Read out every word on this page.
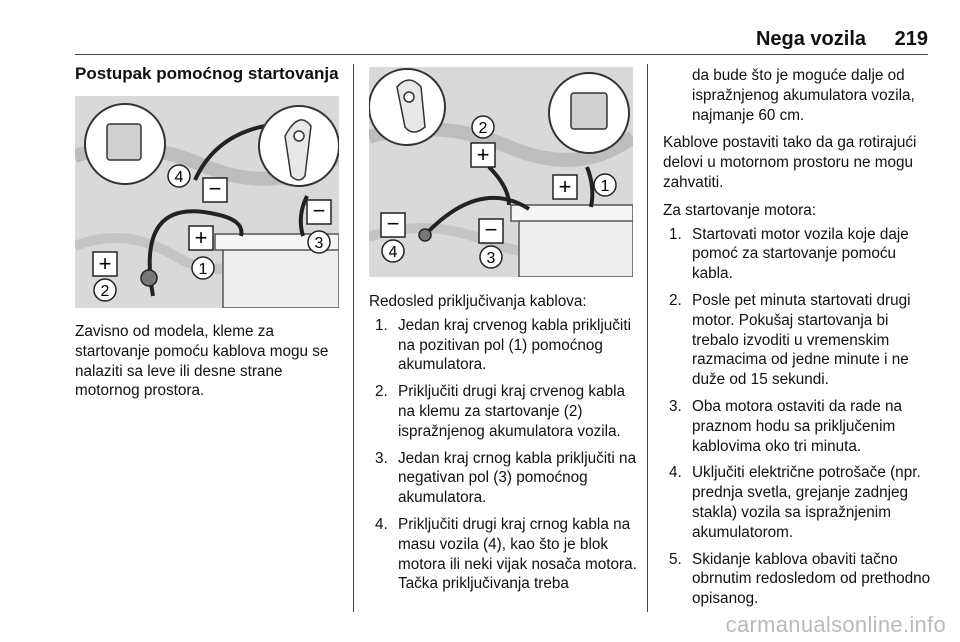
Nega vozila 219
Postupak pomoćnog startovanja
−
+
−
+
4
1
3
2

Zavisno od modela, kleme za startovanje pomoću kablova mogu se nalaziti sa leve ili desne strane motornog prostora.

+
+
−	−
2
1
4	3

Redosled priključivanja kablova:

1. Jedan kraj crvenog kabla priključiti na pozitivan pol (1) pomoćnog akumulatora.
2. Priključiti drugi kraj crvenog kabla na klemu za startovanje (2) ispražnjenog akumulatora vozila.
3. Jedan kraj crnog kabla priključiti na negativan pol (3) pomoćnog akumulatora.
4. Priključiti drugi kraj crnog kabla na masu vozila (4), kao što je blok motora ili neki vijak nosača motora. Tačka priključivanja treba

da bude što je moguće dalje od ispražnjenog akumulatora vozila, najmanje 60 cm.

Kablove postaviti tako da ga rotirajući delovi u motornom prostoru ne mogu zahvatiti.

Za startovanje motora:

1. Startovati motor vozila koje daje pomoć za startovanje pomoću kabla.
2. Posle pet minuta startovati drugi motor. Pokušaj startovanja bi trebalo izvoditi u vremenskim razmacima od jedne minute i ne duže od 15 sekundi.
3. Oba motora ostaviti da rade na praznom hodu sa priključenim kablovima oko tri minuta.
4. Uključiti električne potrošače (npr. prednja svetla, grejanje zadnjeg stakla) vozila sa ispražnjenim akumulatorom.
5. Skidanje kablova obaviti tačno obrnutim redosledom od prethodno opisanog.
carmanualsonline.info
